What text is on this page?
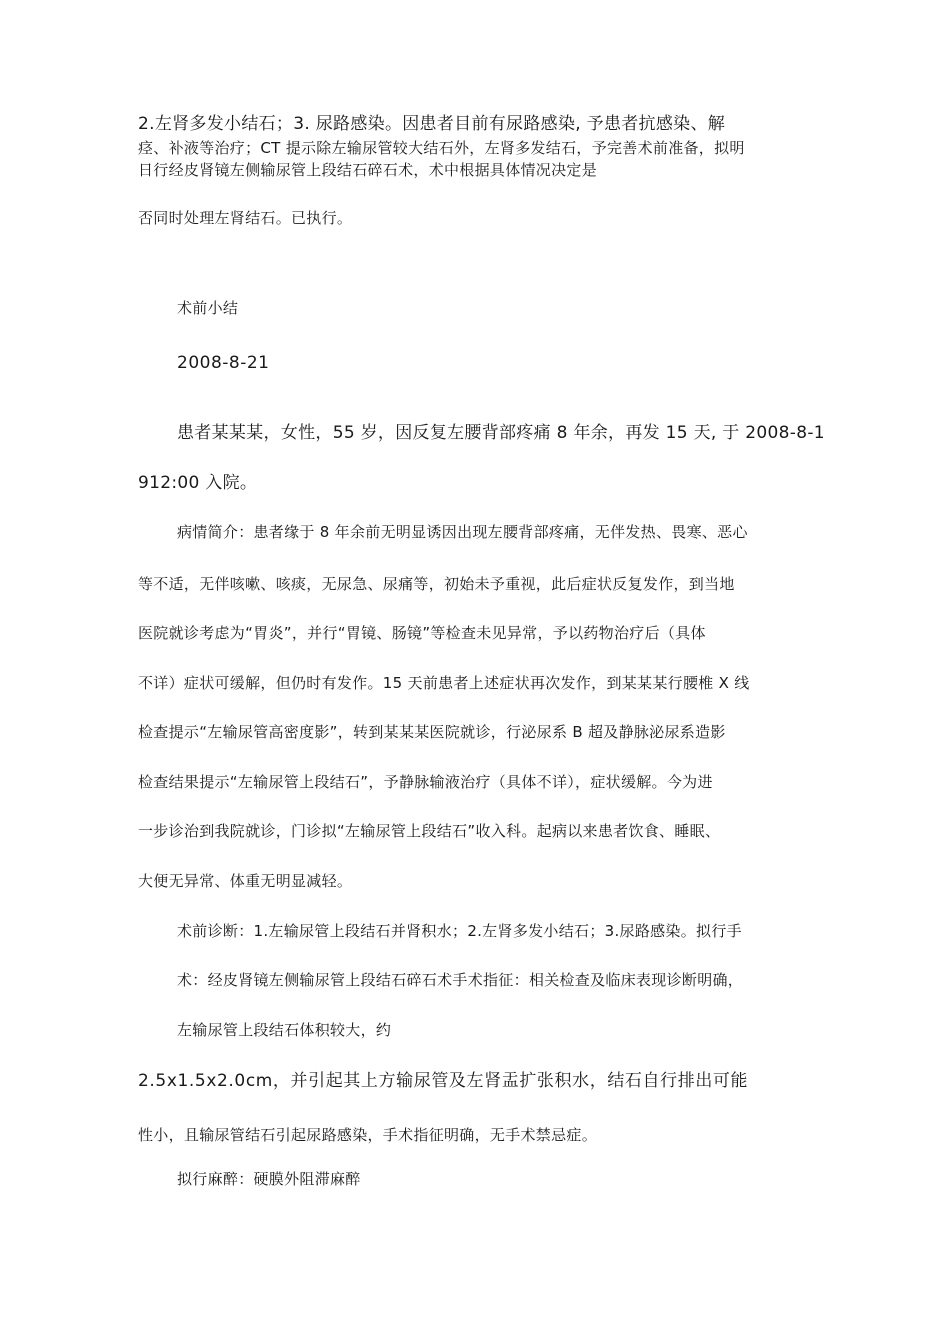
2.左肾多发小结石；3. 尿路感染。因患者目前有尿路感染, 予患者抗感染、解
痉、补液等治疗；CT 提示除左输尿管较大结石外，左肾多发结石，予完善术前准备，拟明
日行经皮肾镜左侧输尿管上段结石碎石术，术中根据具体情况决定是
否同时处理左肾结石。已执行。
术前小结
2008-8-21
患者某某某，女性，55 岁，因反复左腰背部疼痛 8 年余，再发 15 天, 于 2008-8-1
912:00 入院。
病情简介：患者缘于 8 年余前无明显诱因出现左腰背部疼痛，无伴发热、畏寒、恶心
等不适，无伴咳嗽、咳痰，无尿急、尿痛等，初始未予重视，此后症状反复发作，到当地
医院就诊考虑为“胃炎”，并行“胃镜、肠镜”等检查未见异常，予以药物治疗后（具体
不详）症状可缓解，但仍时有发作。15 天前患者上述症状再次发作，到某某某行腰椎 X 线
检查提示“左输尿管高密度影”，转到某某某医院就诊，行泌尿系 B 超及静脉泌尿系造影
检查结果提示“左输尿管上段结石”，予静脉输液治疗（具体不详），症状缓解。今为进
一步诊治到我院就诊，门诊拟“左输尿管上段结石”收入科。起病以来患者饮食、睡眠、
大便无异常、体重无明显减轻。
术前诊断：1.左输尿管上段结石并肾积水；2.左肾多发小结石；3.尿路感染。拟行手
术：经皮肾镜左侧输尿管上段结石碎石术手术指征：相关检查及临床表现诊断明确，
左输尿管上段结石体积较大，约
2.5x1.5x2.0cm，并引起其上方输尿管及左肾盂扩张积水，结石自行排出可能
性小，且输尿管结石引起尿路感染，手术指征明确，无手术禁忌症。
拟行麻醉：硬膜外阻滞麻醉
